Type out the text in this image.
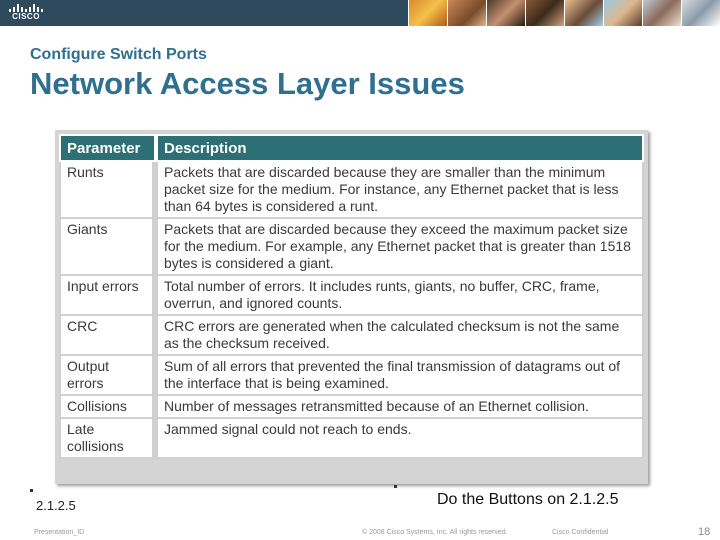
CISCO
Configure Switch Ports
Network Access Layer Issues
Parameter	Description
Runts	Packets that are discarded because they are smaller than the minimum packet size for the medium. For instance, any Ethernet packet that is less than 64 bytes is considered a runt.
Giants	Packets that are discarded because they exceed the maximum packet size for the medium. For example, any Ethernet packet that is greater than 1518 bytes is considered a giant.
Input errors	Total number of errors. It includes runts, giants, no buffer, CRC, frame, overrun, and ignored counts.
CRC	CRC errors are generated when the calculated checksum is not the same as the checksum received.
Output errors	Sum of all errors that prevented the final transmission of datagrams out of the interface that is being examined.
Collisions	Number of messages retransmitted because of an Ethernet collision.
Late collisions	Jammed signal could not reach to ends.
2.1.2.5	Do the Buttons on 2.1.2.5
Presentation_ID	© 2008 Cisco Systems, Inc. All rights reserved.	Cisco Confidential	18
